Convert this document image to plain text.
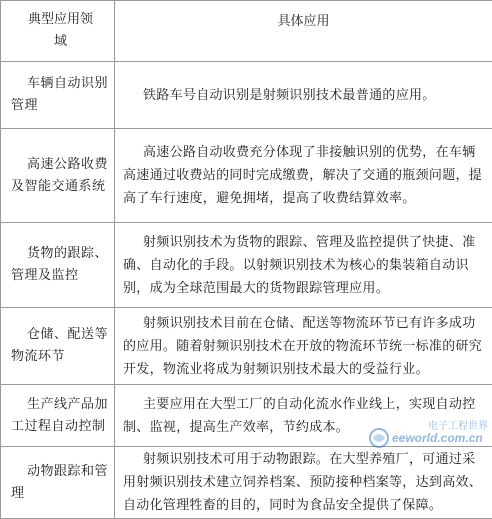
典型应用领域	具体应用
车辆自动识别管理	铁路车号自动识别是射频识别技术最普通的应用。
高速公路收费及智能交通系统	高速公路自动收费充分体现了非接触识别的优势，在车辆高速通过收费站的同时完成缴费，解决了交通的瓶颈问题，提高了车行速度，避免拥堵，提高了收费结算效率。
货物的跟踪、管理及监控	射频识别技术为货物的跟踪、管理及监控提供了快捷、准确、自动化的手段。以射频识别技术为核心的集装箱自动识别，成为全球范围最大的货物跟踪管理应用。
仓储、配送等物流环节	射频识别技术目前在仓储、配送等物流环节已有许多成功的应用。随着射频识别技术在开放的物流环节统一标准的研究开发，物流业将成为射频识别技术最大的受益行业。
生产线产品加工过程自动控制	主要应用在大型工厂的自动化流水作业线上，实现自动控制、监视，提高生产效率，节约成本。
动物跟踪和管理	射频识别技术可用于动物跟踪。在大型养殖厂，可通过采用射频识别技术建立饲养档案、预防接种档案等，达到高效、自动化管理牲畜的目的，同时为食品安全提供了保障。
电子工程世界
eeworld.com.cn
